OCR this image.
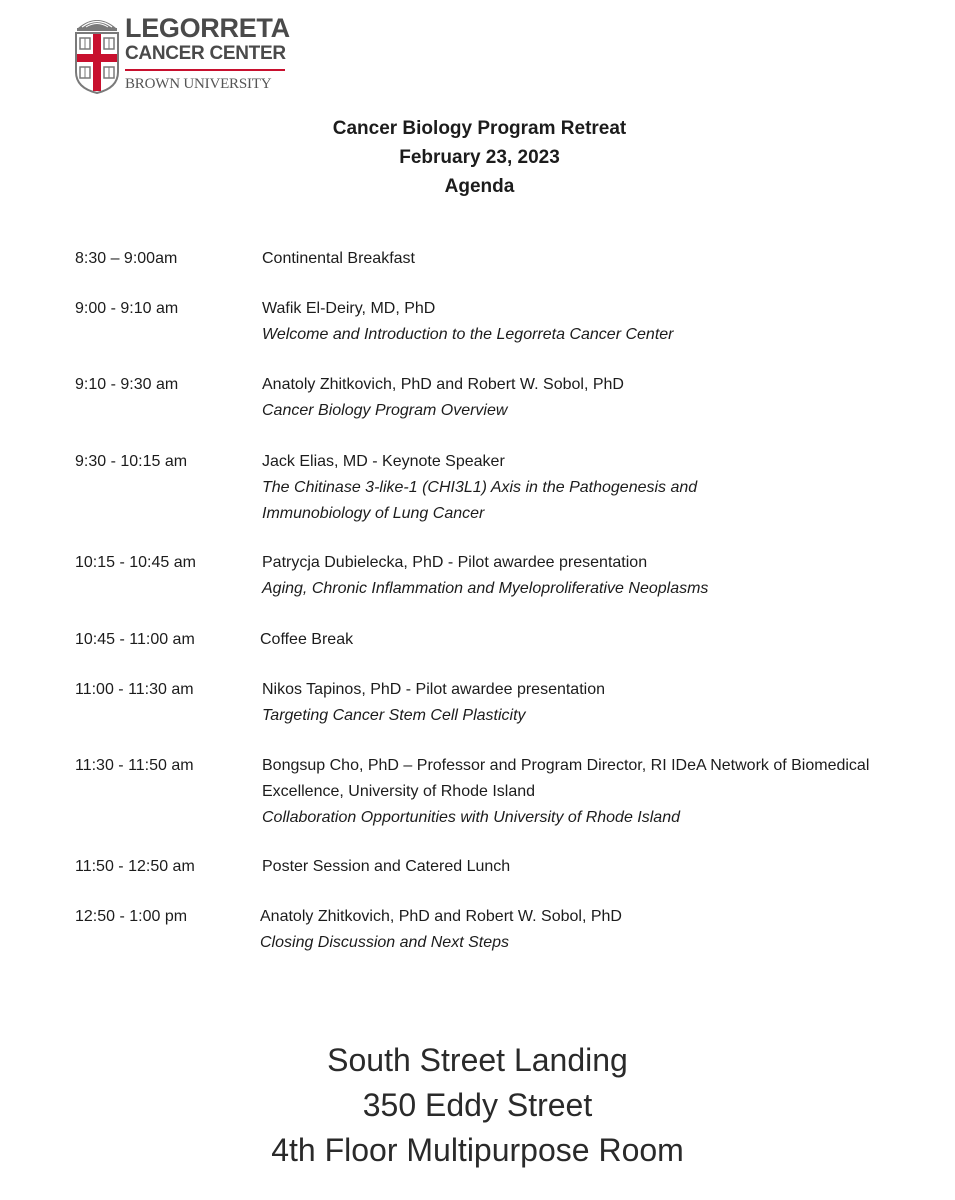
LEGORRETA
CANCER CENTER
BROWN UNIVERSITY
Cancer Biology Program Retreat
February 23, 2023
Agenda
8:30 – 9:00am	Continental Breakfast
9:00 - 9:10 am	Wafik El-Deiry, MD, PhD
Welcome and Introduction to the Legorreta Cancer Center
9:10 - 9:30 am	Anatoly Zhitkovich, PhD and Robert W. Sobol, PhD
Cancer Biology Program Overview
9:30 - 10:15 am	Jack Elias, MD - Keynote Speaker
The Chitinase 3-like-1 (CHI3L1) Axis in the Pathogenesis and Immunobiology of Lung Cancer
10:15 - 10:45 am	Patrycja Dubielecka, PhD - Pilot awardee presentation
Aging, Chronic Inflammation and Myeloproliferative Neoplasms
10:45 - 11:00 am	Coffee Break
11:00 - 11:30 am	Nikos Tapinos, PhD - Pilot awardee presentation
Targeting Cancer Stem Cell Plasticity
11:30 - 11:50 am	Bongsup Cho, PhD – Professor and Program Director, RI IDeA Network of Biomedical Excellence, University of Rhode Island
Collaboration Opportunities with University of Rhode Island
11:50 - 12:50 am	Poster Session and Catered Lunch
12:50 - 1:00 pm	Anatoly Zhitkovich, PhD and Robert W. Sobol, PhD
Closing Discussion and Next Steps
South Street Landing
350 Eddy Street
4th Floor Multipurpose Room
